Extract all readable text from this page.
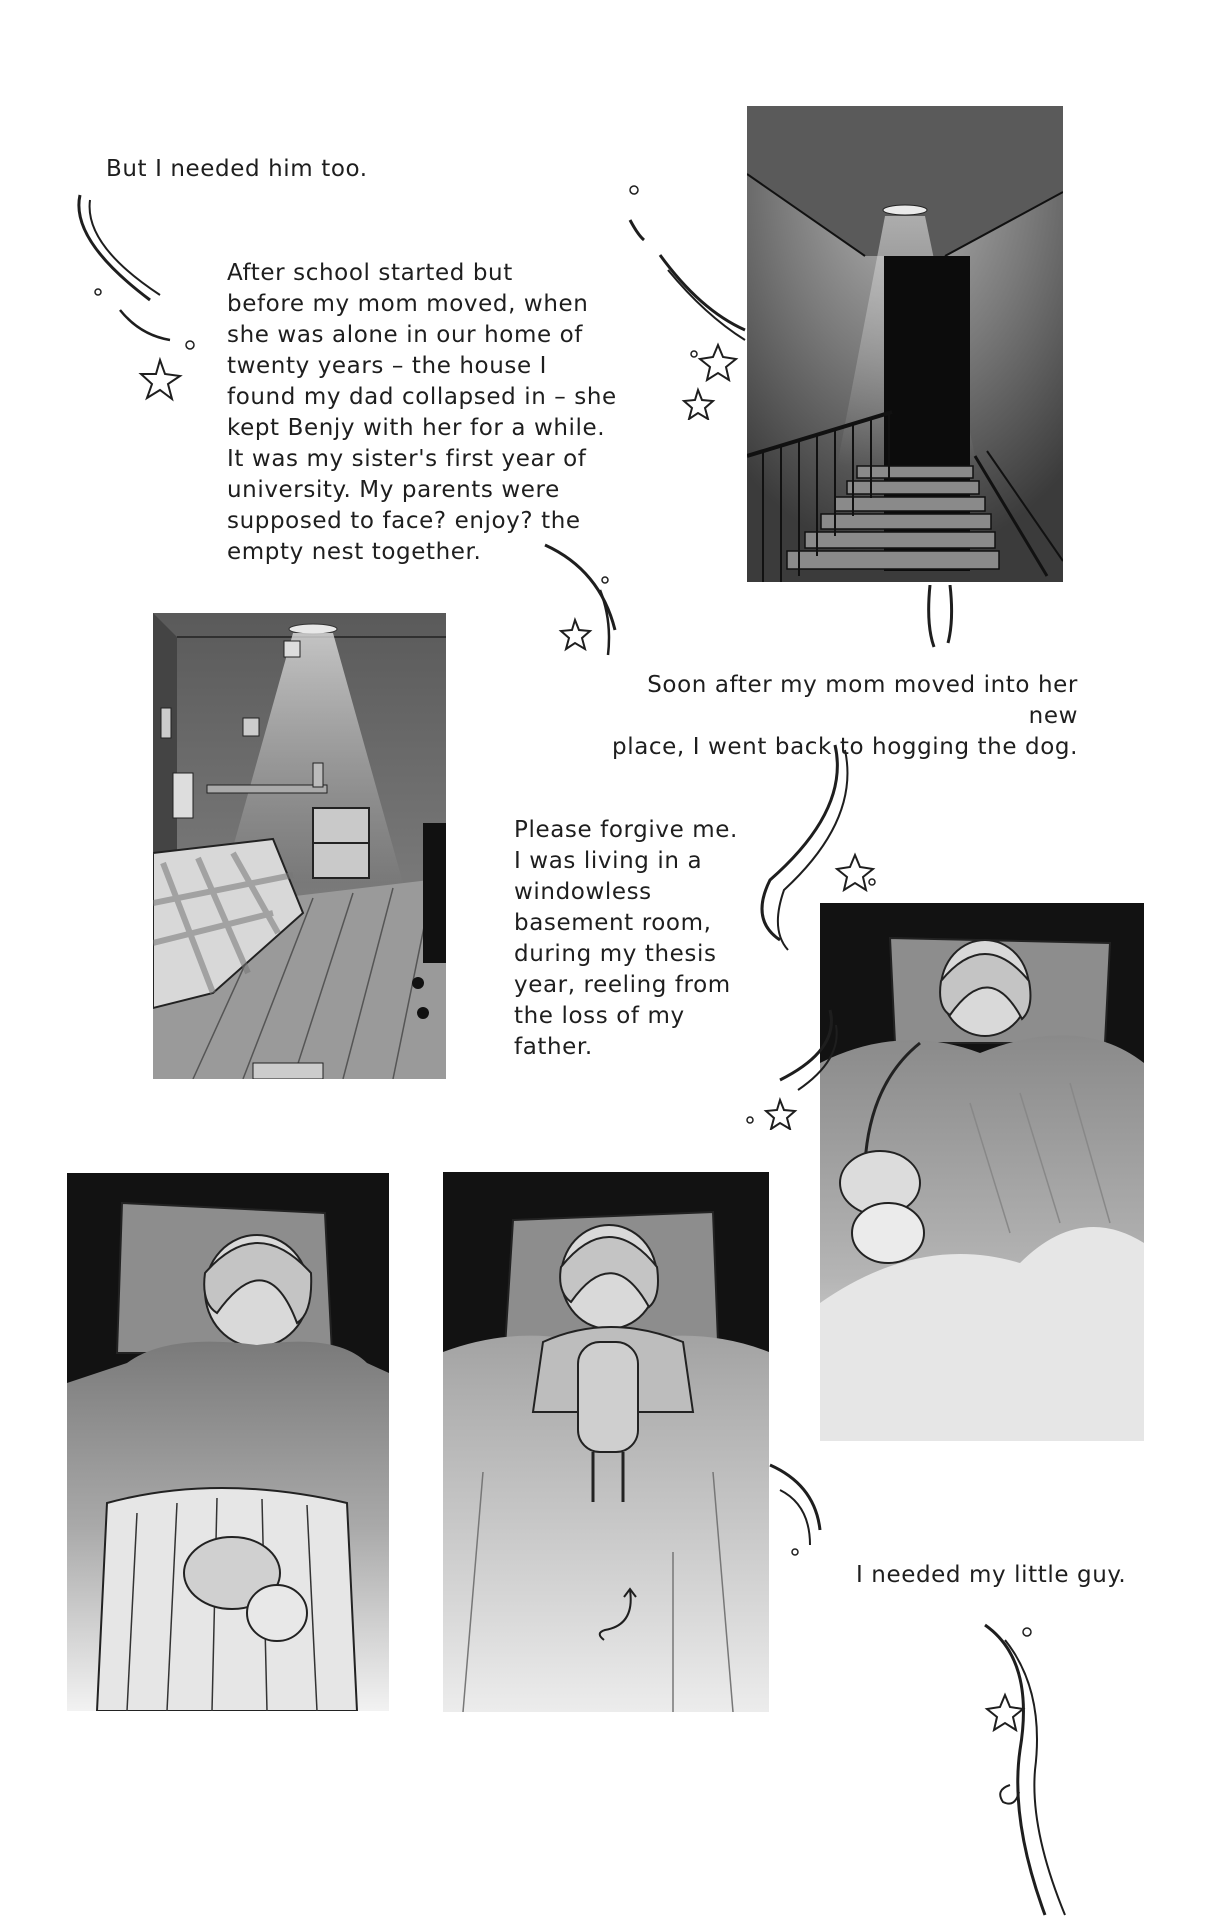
But I needed him too.
After school started but
before my mom moved, when
she was alone in our home of
twenty years – the house I
found my dad collapsed in – she
kept Benjy with her for a while.
It was my sister's first year of
university. My parents were
supposed to face? enjoy? the
empty nest together.
Soon after my mom moved into her new
place, I went back to hogging the dog.
Please forgive me.
I was living in a
windowless
basement room,
during my thesis
year, reeling from
the loss of my
father.
I needed my little guy.
